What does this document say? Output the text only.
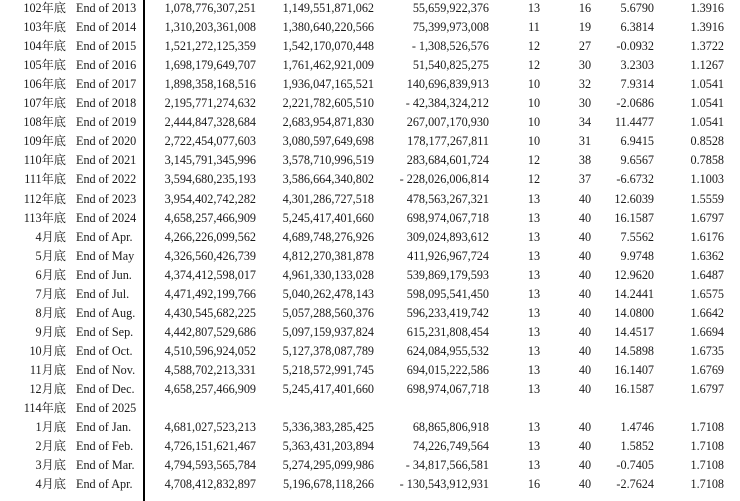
102年底 End of 2013 1,078,776,307,251 1,149,551,871,062	55,659,922,376	13	16	5.6790	1.3916
103年底 End of 2014 1,310,203,361,008 1,380,640,220,566	75,399,973,008	11	19	6.3814	1.3916
104年底 End of 2015 1,521,272,125,359 1,542,170,070,448	- 1,308,526,576	12	27	-0.0932	1.3722
105年底 End of 2016 1,698,179,649,707 1,761,462,921,009	51,540,825,275	12	30	3.2303	1.1267
106年底 End of 2017 1,898,358,168,516 1,936,047,165,521	140,696,839,913	10	32	7.9314	1.0541
107年底 End of 2018 2,195,771,274,632 2,221,782,605,510	- 42,384,324,212	10	30	-2.0686	1.0541
108年底 End of 2019 2,444,847,328,684 2,683,954,871,830	267,007,170,930	10	34	11.4477	1.0541
109年底 End of 2020 2,722,454,077,603 3,080,597,649,698	178,177,267,811	10	31	6.9415	0.8528
110年底 End of 2021 3,145,791,345,996 3,578,710,996,519	283,684,601,724	12	38	9.6567	0.7858
111年底 End of 2022 3,594,680,235,193 3,586,664,340,802 - 228,026,006,814	12	37	-6.6732	1.1003
112年底 End of 2023 3,954,402,742,282 4,301,286,727,518	478,563,267,321	13	40	12.6039	1.5559
113年底 End of 2024 4,658,257,466,909 5,245,417,401,660	698,974,067,718	13	40	16.1587	1.6797
4月底 End of Apr.	4,266,226,099,562 4,689,748,276,926	309,024,893,612	13	40	7.5562	1.6176
5月底 End of May 4,326,560,426,739 4,812,270,381,878	411,926,967,724	13	40	9.9748	1.6362
6月底 End of Jun.	4,374,412,598,017 4,961,330,133,028	539,869,179,593	13	40	12.9620	1.6487
7月底 End of Jul.	4,471,492,199,766 5,040,262,478,143	598,095,541,450	13	40	14.2441	1.6575
8月底 End of Aug. 4,430,545,682,225 5,057,288,560,376	596,233,419,742	13	40	14.0800	1.6642
9月底 End of Sep.	4,442,807,529,686 5,097,159,937,824	615,231,808,454	13	40	14.4517	1.6694
10月底 End of Oct.	4,510,596,924,052 5,127,378,087,789	624,084,955,532	13	40	14.5898	1.6735
11月底 End of Nov. 4,588,702,213,331 5,218,572,991,745	694,015,222,586	13	40	16.1407	1.6769
12月底 End of Dec. 4,658,257,466,909 5,245,417,401,660	698,974,067,718	13	40	16.1587	1.6797
114年底 End of 2025
1月底 End of Jan.	4,681,027,523,213 5,336,383,285,425	68,865,806,918	13	40	1.4746	1.7108
2月底 End of Feb.	4,726,151,621,467 5,363,431,203,894	74,226,749,564	13	40	1.5852	1.7108
3月底 End of Mar. 4,794,593,565,784 5,274,295,099,986	- 34,817,566,581	13	40	-0.7405	1.7108
4月底 End of Apr.	4,708,412,832,897 5,196,678,118,266 - 130,543,912,931	16	40	-2.7624	1.7108
